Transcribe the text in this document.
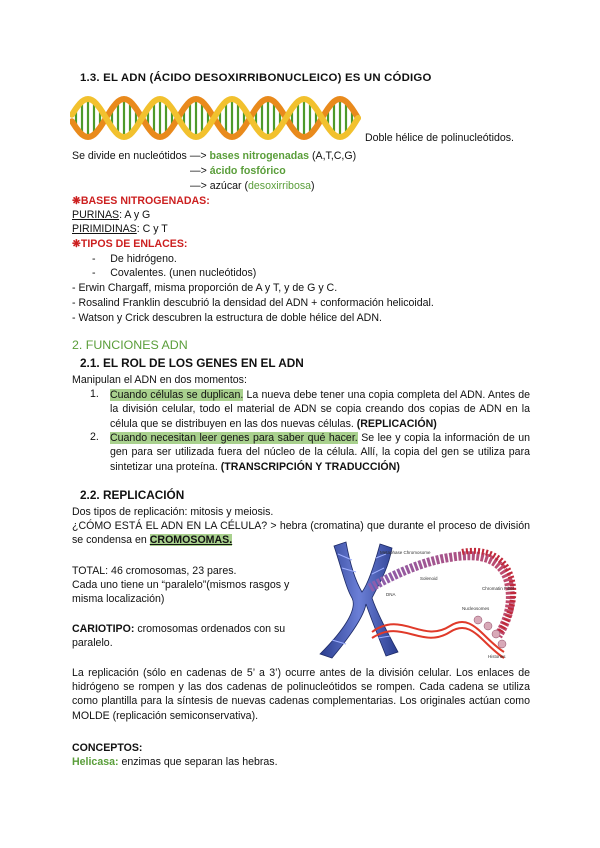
1.3. EL ADN (ÁCIDO DESOXIRRIBONUCLEICO) ES UN CÓDIGO
Doble hélice de polinucleótidos.
Se divide en nucleótidos —> bases nitrogenadas (A,T,C,G)
—> ácido fosfórico
—> azúcar (desoxirribosa)
❋BASES NITROGENADAS:
PURINAS: A y G
PIRIMIDINAS: C y T
❋TIPOS DE ENLACES:
-     De hidrógeno.
-     Covalentes. (unen nucleótidos)
- Erwin Chargaff, misma proporción de A y T, y de G y C.
- Rosalind Franklin descubrió la densidad del ADN + conformación helicoidal.
- Watson y Crick descubren la estructura de doble hélice del ADN.
2. FUNCIONES ADN
2.1. EL ROL DE LOS GENES EN EL ADN
Manipulan el ADN en dos momentos:
1. Cuando células se duplican. La nueva debe tener una copia completa del ADN. Antes de la división celular, todo el material de ADN se copia creando dos copias de ADN en la célula que se distribuyen en las dos nuevas células. (REPLICACIÓN)
2. Cuando necesitan leer genes para saber qué hacer. Se lee y copia la información de un gen para ser utilizada fuera del núcleo de la célula. Allí, la copia del gen se utiliza para sintetizar una proteína. (TRANSCRIPCIÓN Y TRADUCCIÓN)
2.2. REPLICACIÓN
Dos tipos de replicación: mitosis y meiosis.
¿CÓMO ESTÁ EL ADN EN LA CÉLULA? > hebra (cromatina) que durante el proceso de división se condensa en CROMOSOMAS.
TOTAL: 46 cromosomas, 23 pares.
Cada uno tiene un “paralelo”(mismos rasgos y misma localización)
CARIOTIPO: cromosomas ordenados con su paralelo.
Metaphase Chromosome
Solenoid
Chromatin Fiber
Nucleosomes
DNA
Histones
La replicación (sólo en cadenas de 5’ a 3’) ocurre antes de la división celular. Los enlaces de hidrógeno se rompen y las dos cadenas de polinucleótidos se rompen. Cada cadena se utiliza como plantilla para la síntesis de nuevas cadenas complementarias. Los originales actúan como MOLDE (replicación semiconservativa).
CONCEPTOS:
Helicasa: enzimas que separan las hebras.
